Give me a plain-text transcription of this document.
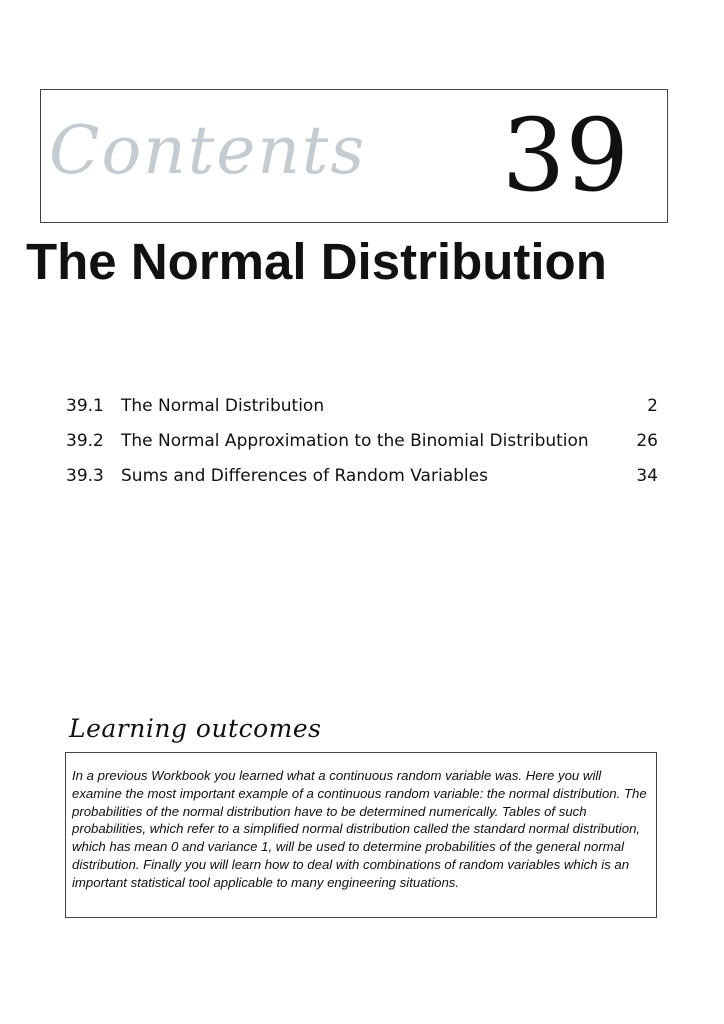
Contents 39
The Normal Distribution
39.1	The Normal Distribution	2
39.2	The Normal Approximation to the Binomial Distribution	26
39.3	Sums and Differences of Random Variables	34
Learning outcomes

In a previous Workbook you learned what a continuous random variable was. Here you will examine the most important example of a continuous random variable: the normal distribution. The probabilities of the normal distribution have to be determined numerically. Tables of such probabilities, which refer to a simplified normal distribution called the standard normal distribution, which has mean 0 and variance 1, will be used to determine probabilities of the general normal distribution. Finally you will learn how to deal with combinations of random variables which is an important statistical tool applicable to many engineering situations.
